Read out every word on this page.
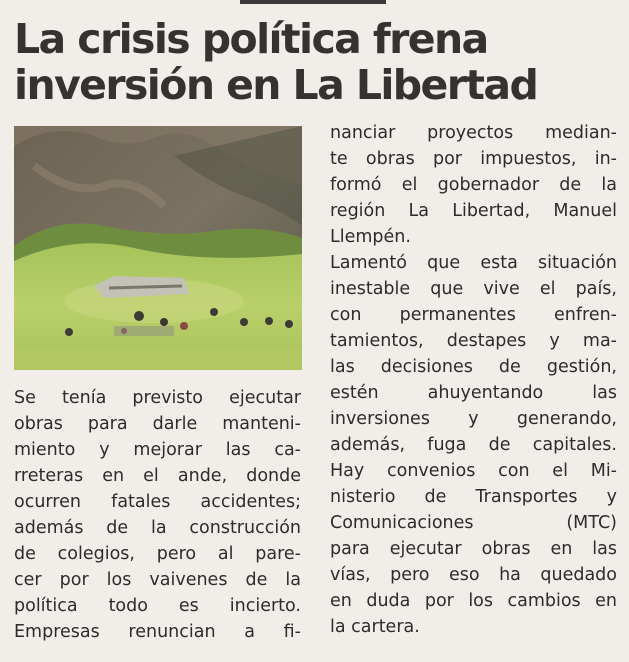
La crisis política frena
inversión en La Libertad
Se tenía previsto ejecutar
obras para darle manteni-
miento y mejorar las ca-
rreteras en el ande, donde
ocurren fatales accidentes;
además de la construcción
de colegios, pero al pare-
cer por los vaivenes de la
política todo es incierto.
Empresas renuncian a fi-
nanciar proyectos median-
te obras por impuestos, in-
formó el gobernador de la
región La Libertad, Manuel
Llempén.
Lamentó que esta situación
inestable que vive el país,
con permanentes enfren-
tamientos, destapes y ma-
las decisiones de gestión,
estén ahuyentando las
inversiones y generando,
además, fuga de capitales.
Hay convenios con el Mi-
nisterio de Transportes y
Comunicaciones (MTC)
para ejecutar obras en las
vías, pero eso ha quedado
en duda por los cambios en
la cartera.
